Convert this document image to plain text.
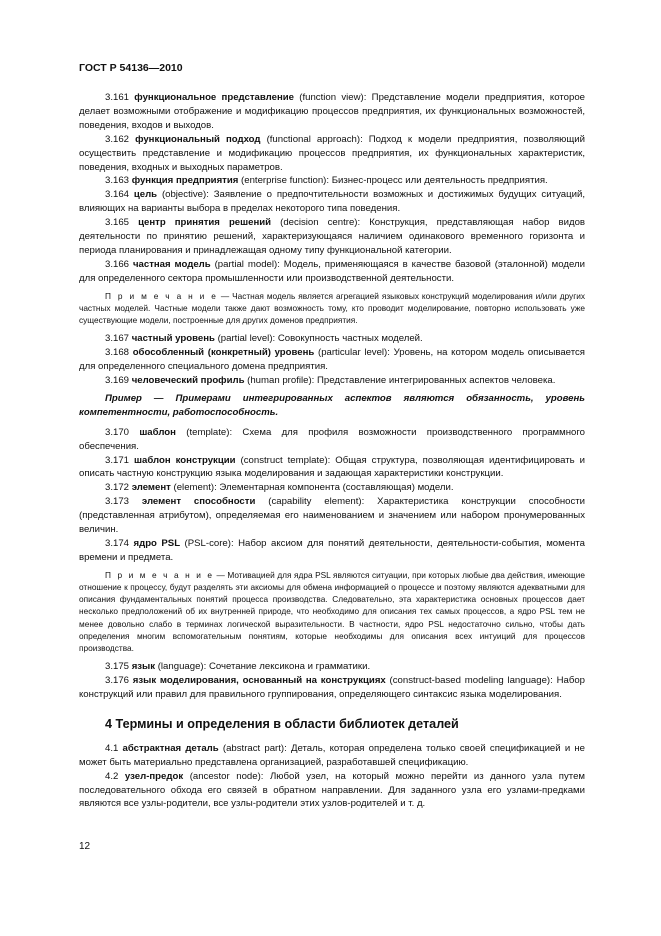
ГОСТ Р 54136—2010

3.161 функциональное представление (function view): Представление модели предприятия, которое делает возможными отображение и модификацию процессов предприятия, их функциональных возможностей, поведения, входов и выходов.

3.162 функциональный подход (functional approach): Подход к модели предприятия, позволяющий осуществить представление и модификацию процессов предприятия, их функциональных характеристик, поведения, входных и выходных параметров.

3.163 функция предприятия (enterprise function): Бизнес-процесс или деятельность предприятия.

3.164 цель (objective): Заявление о предпочтительности возможных и достижимых будущих ситуаций, влияющих на варианты выбора в пределах некоторого типа поведения.

3.165 центр принятия решений (decision centre): Конструкция, представляющая набор видов деятельности по принятию решений, характеризующаяся наличием одинакового временного горизонта и периода планирования и принадлежащая одному типу функциональной категории.

3.166 частная модель (partial model): Модель, применяющаяся в качестве базовой (эталонной) модели для определенного сектора промышленности или производственной деятельности.

П р и м е ч а н и е — Частная модель является агрегацией языковых конструкций моделирования и/или других частных моделей. Частные модели также дают возможность тому, кто проводит моделирование, повторно использовать уже существующие модели, построенные для других доменов предприятия.

3.167 частный уровень (partial level): Совокупность частных моделей.

3.168 обособленный (конкретный) уровень (particular level): Уровень, на котором модель описывается для определенного специального домена предприятия.

3.169 человеческий профиль (human profile): Представление интегрированных аспектов человека.

Пример — Примерами интегрированных аспектов являются обязанность, уровень компетентности, работоспособность.

3.170 шаблон (template): Схема для профиля возможности производственного программного обеспечения.

3.171 шаблон конструкции (construct template): Общая структура, позволяющая идентифицировать и описать частную конструкцию языка моделирования и задающая характеристики конструкции.

3.172 элемент (element): Элементарная компонента (составляющая) модели.

3.173 элемент способности (capability element): Характеристика конструкции способности (представленная атрибутом), определяемая его наименованием и значением или набором пронумерованных величин.

3.174 ядро PSL (PSL-core): Набор аксиом для понятий деятельности, деятельности-события, момента времени и предмета.

П р и м е ч а н и е — Мотивацией для ядра PSL являются ситуации, при которых любые два действия, имеющие отношение к процессу, будут разделять эти аксиомы для обмена информацией о процессе и поэтому являются адекватными для описания фундаментальных понятий процесса производства. Следовательно, эта характеристика основных процессов дает несколько предположений об их внутренней природе, что необходимо для описания тех самых процессов, а ядро PSL тем не менее довольно слабо в терминах логической выразительности. В частности, ядро PSL недостаточно сильно, чтобы дать определения многим вспомогательным понятиям, которые необходимы для описания всех интуиций для процессов производства.

3.175 язык (language): Сочетание лексикона и грамматики.

3.176 язык моделирования, основанный на конструкциях (construct-based modeling language): Набор конструкций или правил для правильного группирования, определяющего синтаксис языка моделирования.

4 Термины и определения в области библиотек деталей

4.1 абстрактная деталь (abstract part): Деталь, которая определена только своей спецификацией и не может быть материально представлена организацией, разработавшей спецификацию.

4.2 узел-предок (ancestor node): Любой узел, на который можно перейти из данного узла путем последовательного обхода его связей в обратном направлении. Для заданного узла его узлами-предками являются все узлы-родители, все узлы-родители этих узлов-родителей и т. д.

12
